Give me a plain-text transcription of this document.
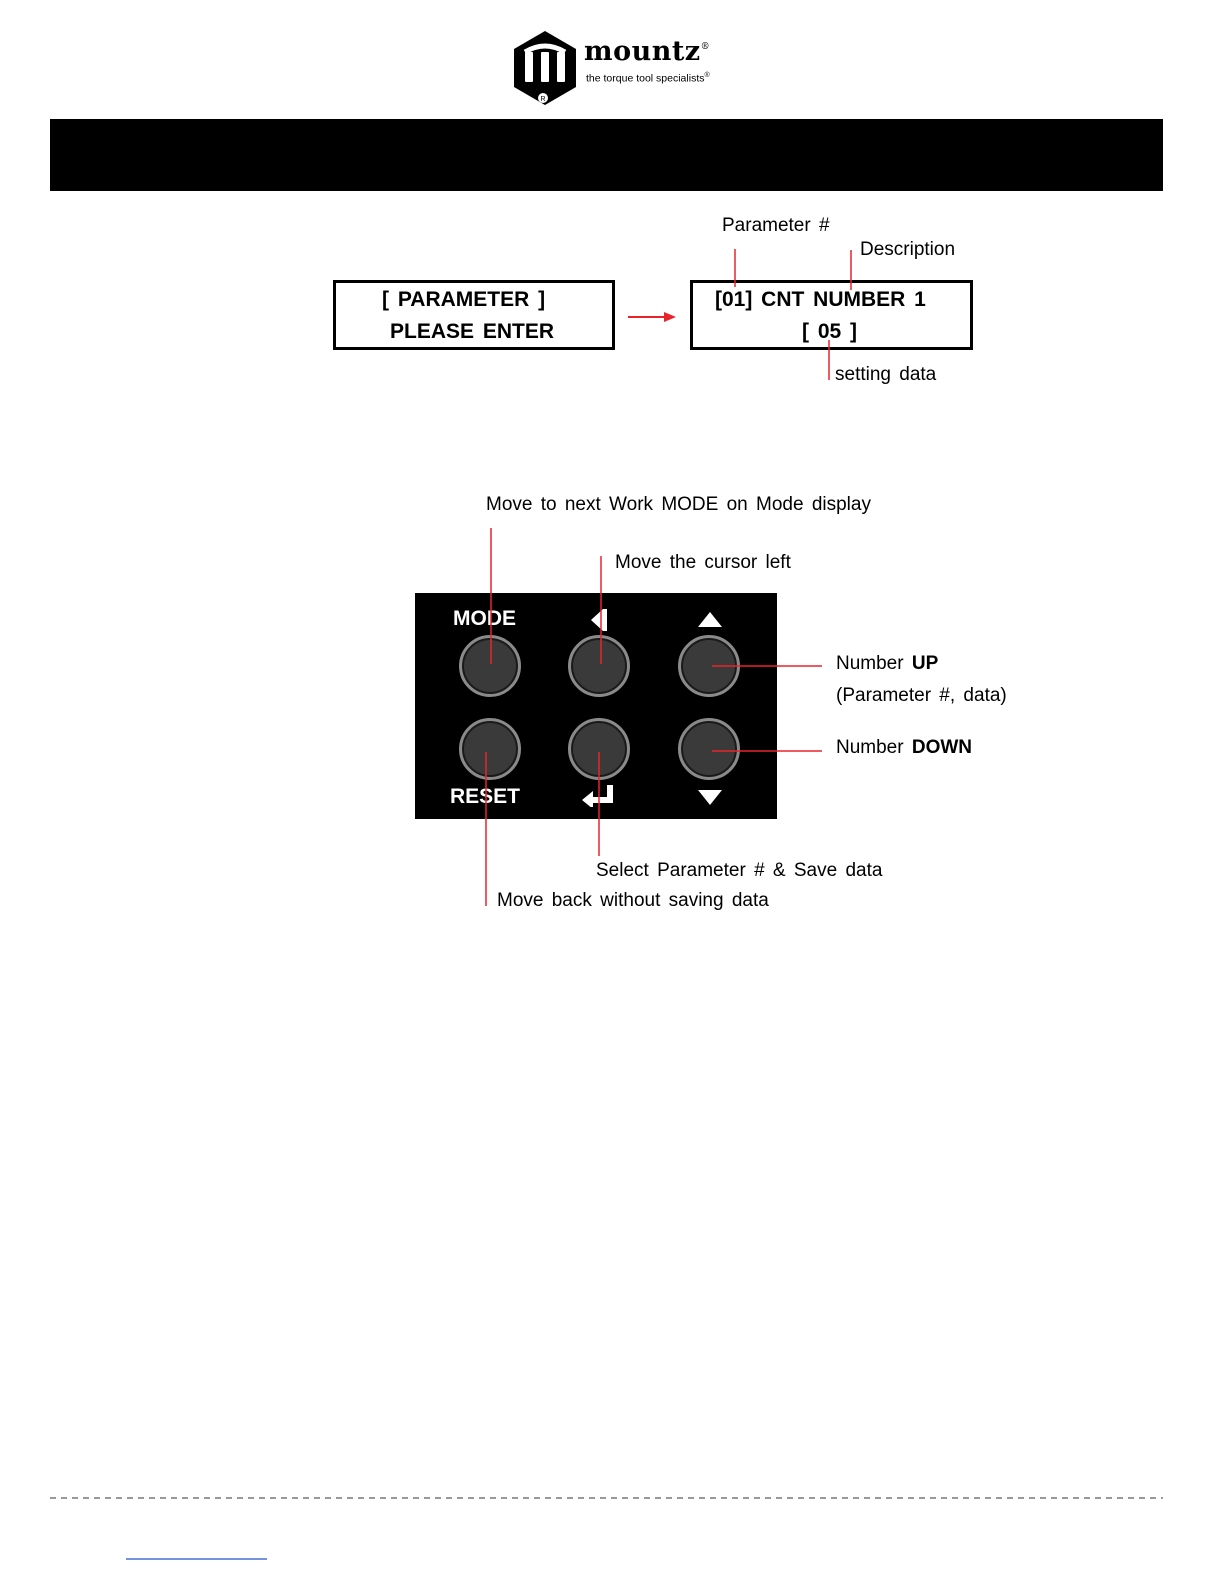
R
mountz®
the torque tool specialists®
[ PARAMETER ]
PLEASE ENTER
[01] CNT NUMBER 1
[ 05 ]
Parameter #
Description
setting data
MODE
RESET
Move to next Work MODE on Mode display
Move the cursor left
Number UP
(Parameter #, data)
Number DOWN
Select Parameter # & Save data
Move back without saving data
